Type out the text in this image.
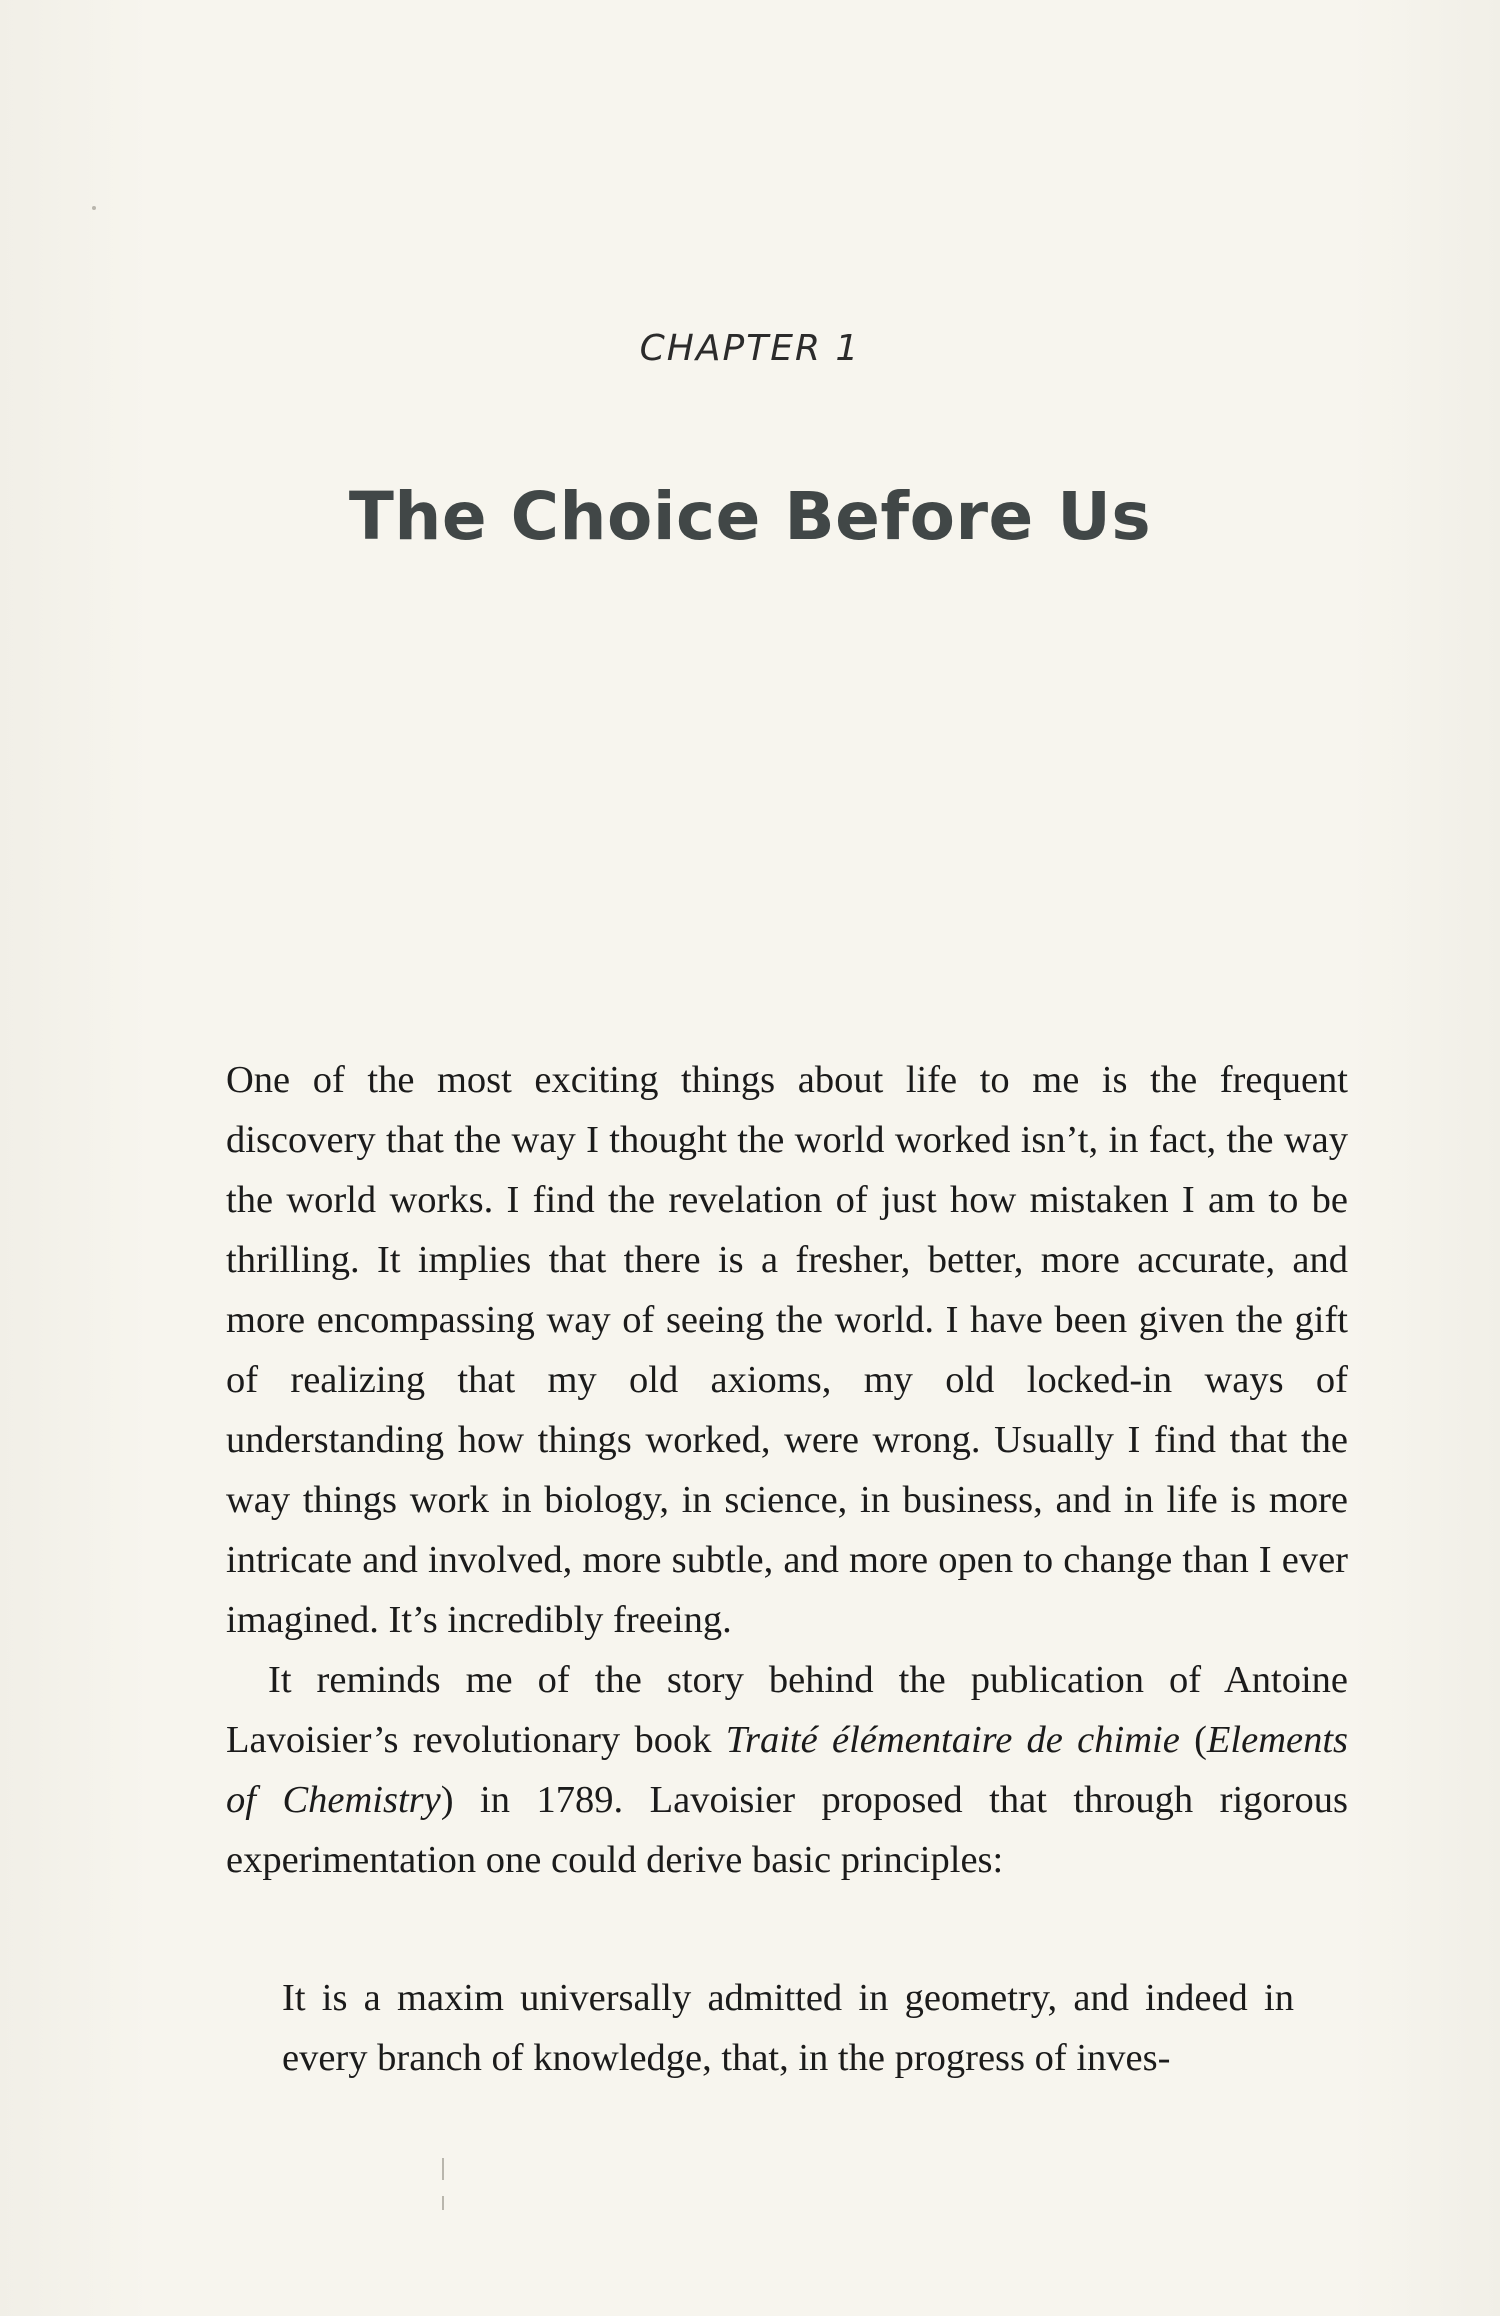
CHAPTER 1
The Choice Before Us

One of the most exciting things about life to me is the frequent discovery that the way I thought the world worked isn’t, in fact, the way the world works. I find the revelation of just how mistaken I am to be thrilling. It implies that there is a fresher, better, more accurate, and more encompassing way of seeing the world. I have been given the gift of realizing that my old axioms, my old locked-in ways of understanding how things worked, were wrong. Usually I find that the way things work in biology, in science, in business, and in life is more intricate and involved, more subtle, and more open to change than I ever imagined. It’s incredibly freeing.

It reminds me of the story behind the publication of Antoine Lavoisier’s revolutionary book Traité élémentaire de chimie (Elements of Chemistry) in 1789. Lavoisier proposed that through rigorous experimentation one could derive basic principles:

It is a maxim universally admitted in geometry, and indeed in every branch of knowledge, that, in the progress of inves-
